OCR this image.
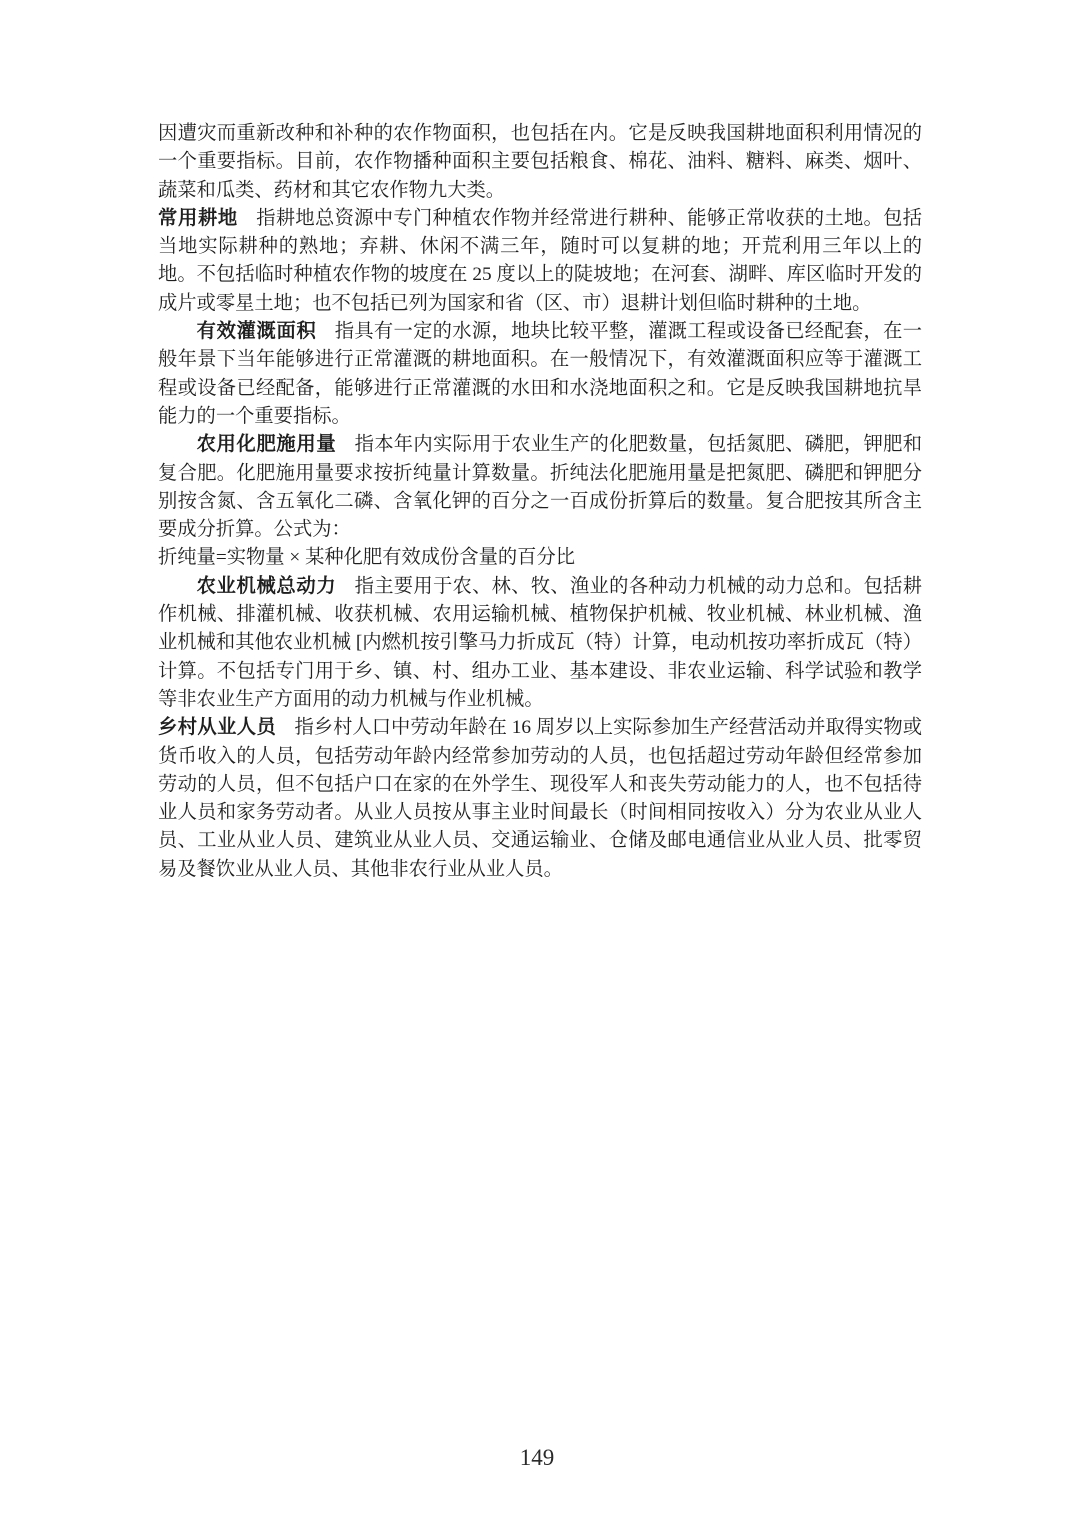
因遭灾而重新改种和补种的农作物面积，也包括在内。它是反映我国耕地面积利用情况的一个重要指标。目前，农作物播种面积主要包括粮食、棉花、油料、糖料、麻类、烟叶、蔬菜和瓜类、药材和其它农作物九大类。

常用耕地 指耕地总资源中专门种植农作物并经常进行耕种、能够正常收获的土地。包括当地实际耕种的熟地；弃耕、休闲不满三年，随时可以复耕的地；开荒利用三年以上的地。不包括临时种植农作物的坡度在 25 度以上的陡坡地；在河套、湖畔、库区临时开发的成片或零星土地；也不包括已列为国家和省（区、市）退耕计划但临时耕种的土地。

有效灌溉面积 指具有一定的水源，地块比较平整，灌溉工程或设备已经配套，在一般年景下当年能够进行正常灌溉的耕地面积。在一般情况下，有效灌溉面积应等于灌溉工程或设备已经配备，能够进行正常灌溉的水田和水浇地面积之和。它是反映我国耕地抗旱能力的一个重要指标。

农用化肥施用量 指本年内实际用于农业生产的化肥数量，包括氮肥、磷肥，钾肥和复合肥。化肥施用量要求按折纯量计算数量。折纯法化肥施用量是把氮肥、磷肥和钾肥分别按含氮、含五氧化二磷、含氧化钾的百分之一百成份折算后的数量。复合肥按其所含主要成分折算。公式为：

折纯量=实物量 × 某种化肥有效成份含量的百分比

农业机械总动力 指主要用于农、林、牧、渔业的各种动力机械的动力总和。包括耕作机械、排灌机械、收获机械、农用运输机械、植物保护机械、牧业机械、林业机械、渔业机械和其他农业机械 [内燃机按引擎马力折成瓦（特）计算，电动机按功率折成瓦（特）计算。不包括专门用于乡、镇、村、组办工业、基本建设、非农业运输、科学试验和教学等非农业生产方面用的动力机械与作业机械。

乡村从业人员 指乡村人口中劳动年龄在 16 周岁以上实际参加生产经营活动并取得实物或货币收入的人员，包括劳动年龄内经常参加劳动的人员，也包括超过劳动年龄但经常参加劳动的人员，但不包括户口在家的在外学生、现役军人和丧失劳动能力的人，也不包括待业人员和家务劳动者。从业人员按从事主业时间最长（时间相同按收入）分为农业从业人员、工业从业人员、建筑业从业人员、交通运输业、仓储及邮电通信业从业人员、批零贸易及餐饮业从业人员、其他非农行业从业人员。

149
